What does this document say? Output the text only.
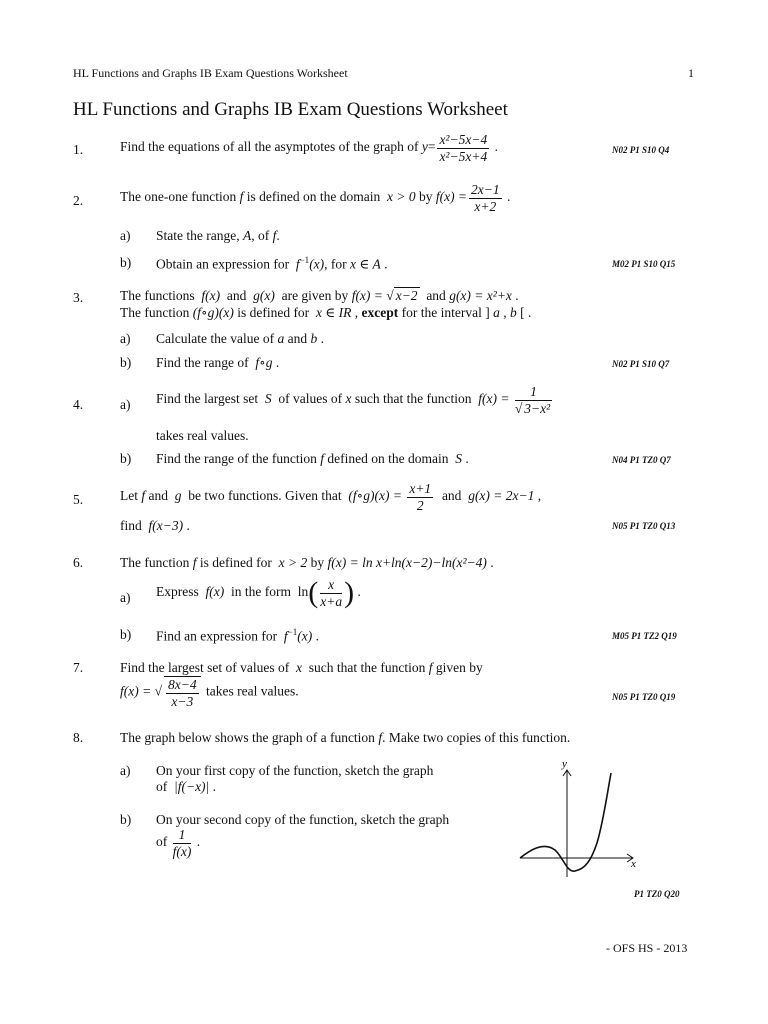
HL Functions and Graphs IB Exam Questions Worksheet	1
HL Functions and Graphs IB Exam Questions Worksheet
1.	Find the equations of all the asymptotes of the graph of $y= \frac{\text{x²−5x−4}}{\text{x²−5x+4}}$ .	N02 P1 S10 Q4
2.	The one-one function f is defined on the domain x > 0 by $f(x) = \frac{2x-1}{x+2}$ .
a) State the range, A, of f.
b) Obtain an expression for $f^{-1}(x)$, for x ∈ A .	M02 P1 S10 Q15
3.	The functions f(x) and g(x) are given by f(x) = √ x−2 and g(x) = x²+x .
The function (f∘g)(x) is defined for x ∈ IR , except for the interval ] a , b [ .
a) Calculate the value of a and b .
b) Find the range of f∘g .	N02 P1 S10 Q7
4.	a) Find the largest set S of values of x such that the function $f(x) = \frac{1}{\text{√ 3−x²}}$
takes real values.
b) Find the range of the function f defined on the domain S .	N04 P1 TZ0 Q7
5.	Let f and g be two functions. Given that (f∘g)(x) = $\frac{x+1}{2}$ and g(x) = 2x−1 ,
find f(x−3) .	N05 P1 TZ0 Q13
6.	The function f is defined for x > 2 by f(x) = ln x+ln(x−2)−ln(x²−4) .
a) Express f(x) in the form $\ln( \frac{x}{x+a}$ ) .
b) Find an expression for $f^{-1}(x)$ .	M05 P1 TZ2 Q19
7.	Find the largest set of values of x such that the function f given by
f(x) = √ $\frac{8x-4}{x-3}$ takes real values.	N05 P1 TZ0 Q19
8.	The graph below shows the graph of a function f. Make two copies of this function.
a) On your first copy of the function, sketch the graph
of |f(−x)| .
b) On your second copy of the function, sketch the graph
of $\frac{1}{f(x)}$ .
x
y
P1 TZ0 Q20
- OFS HS - 2013
